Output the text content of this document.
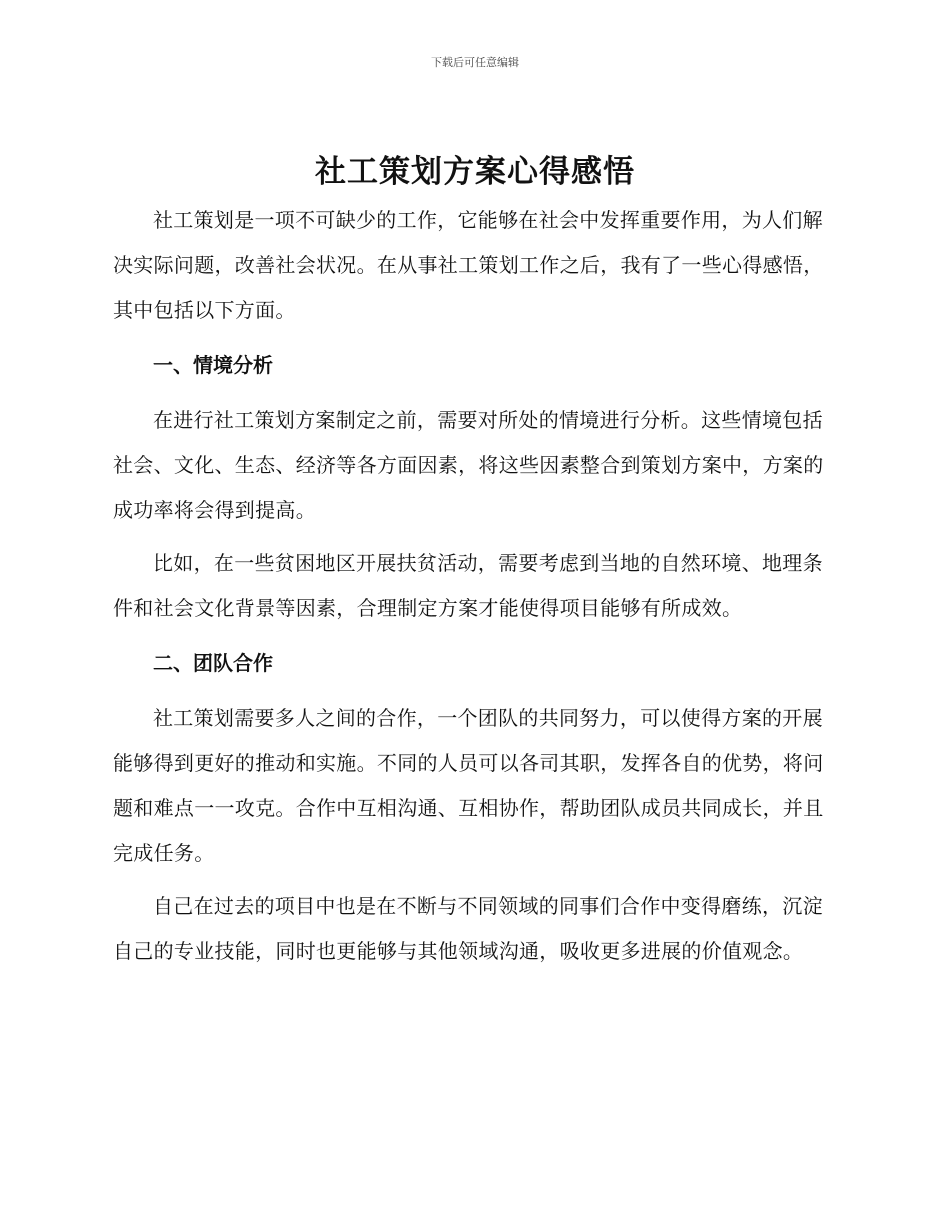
下载后可任意编辑
社工策划方案心得感悟

社工策划是一项不可缺少的工作，它能够在社会中发挥重要作用，为人们解决实际问题，改善社会状况。在从事社工策划工作之后，我有了一些心得感悟，其中包括以下方面。

一、情境分析

在进行社工策划方案制定之前，需要对所处的情境进行分析。这些情境包括社会、文化、生态、经济等各方面因素，将这些因素整合到策划方案中，方案的成功率将会得到提高。

比如，在一些贫困地区开展扶贫活动，需要考虑到当地的自然环境、地理条件和社会文化背景等因素，合理制定方案才能使得项目能够有所成效。

二、团队合作

社工策划需要多人之间的合作，一个团队的共同努力，可以使得方案的开展能够得到更好的推动和实施。不同的人员可以各司其职，发挥各自的优势，将问题和难点一一攻克。合作中互相沟通、互相协作，帮助团队成员共同成长，并且完成任务。

自己在过去的项目中也是在不断与不同领域的同事们合作中变得磨练，沉淀自己的专业技能，同时也更能够与其他领域沟通，吸收更多进展的价值观念。
